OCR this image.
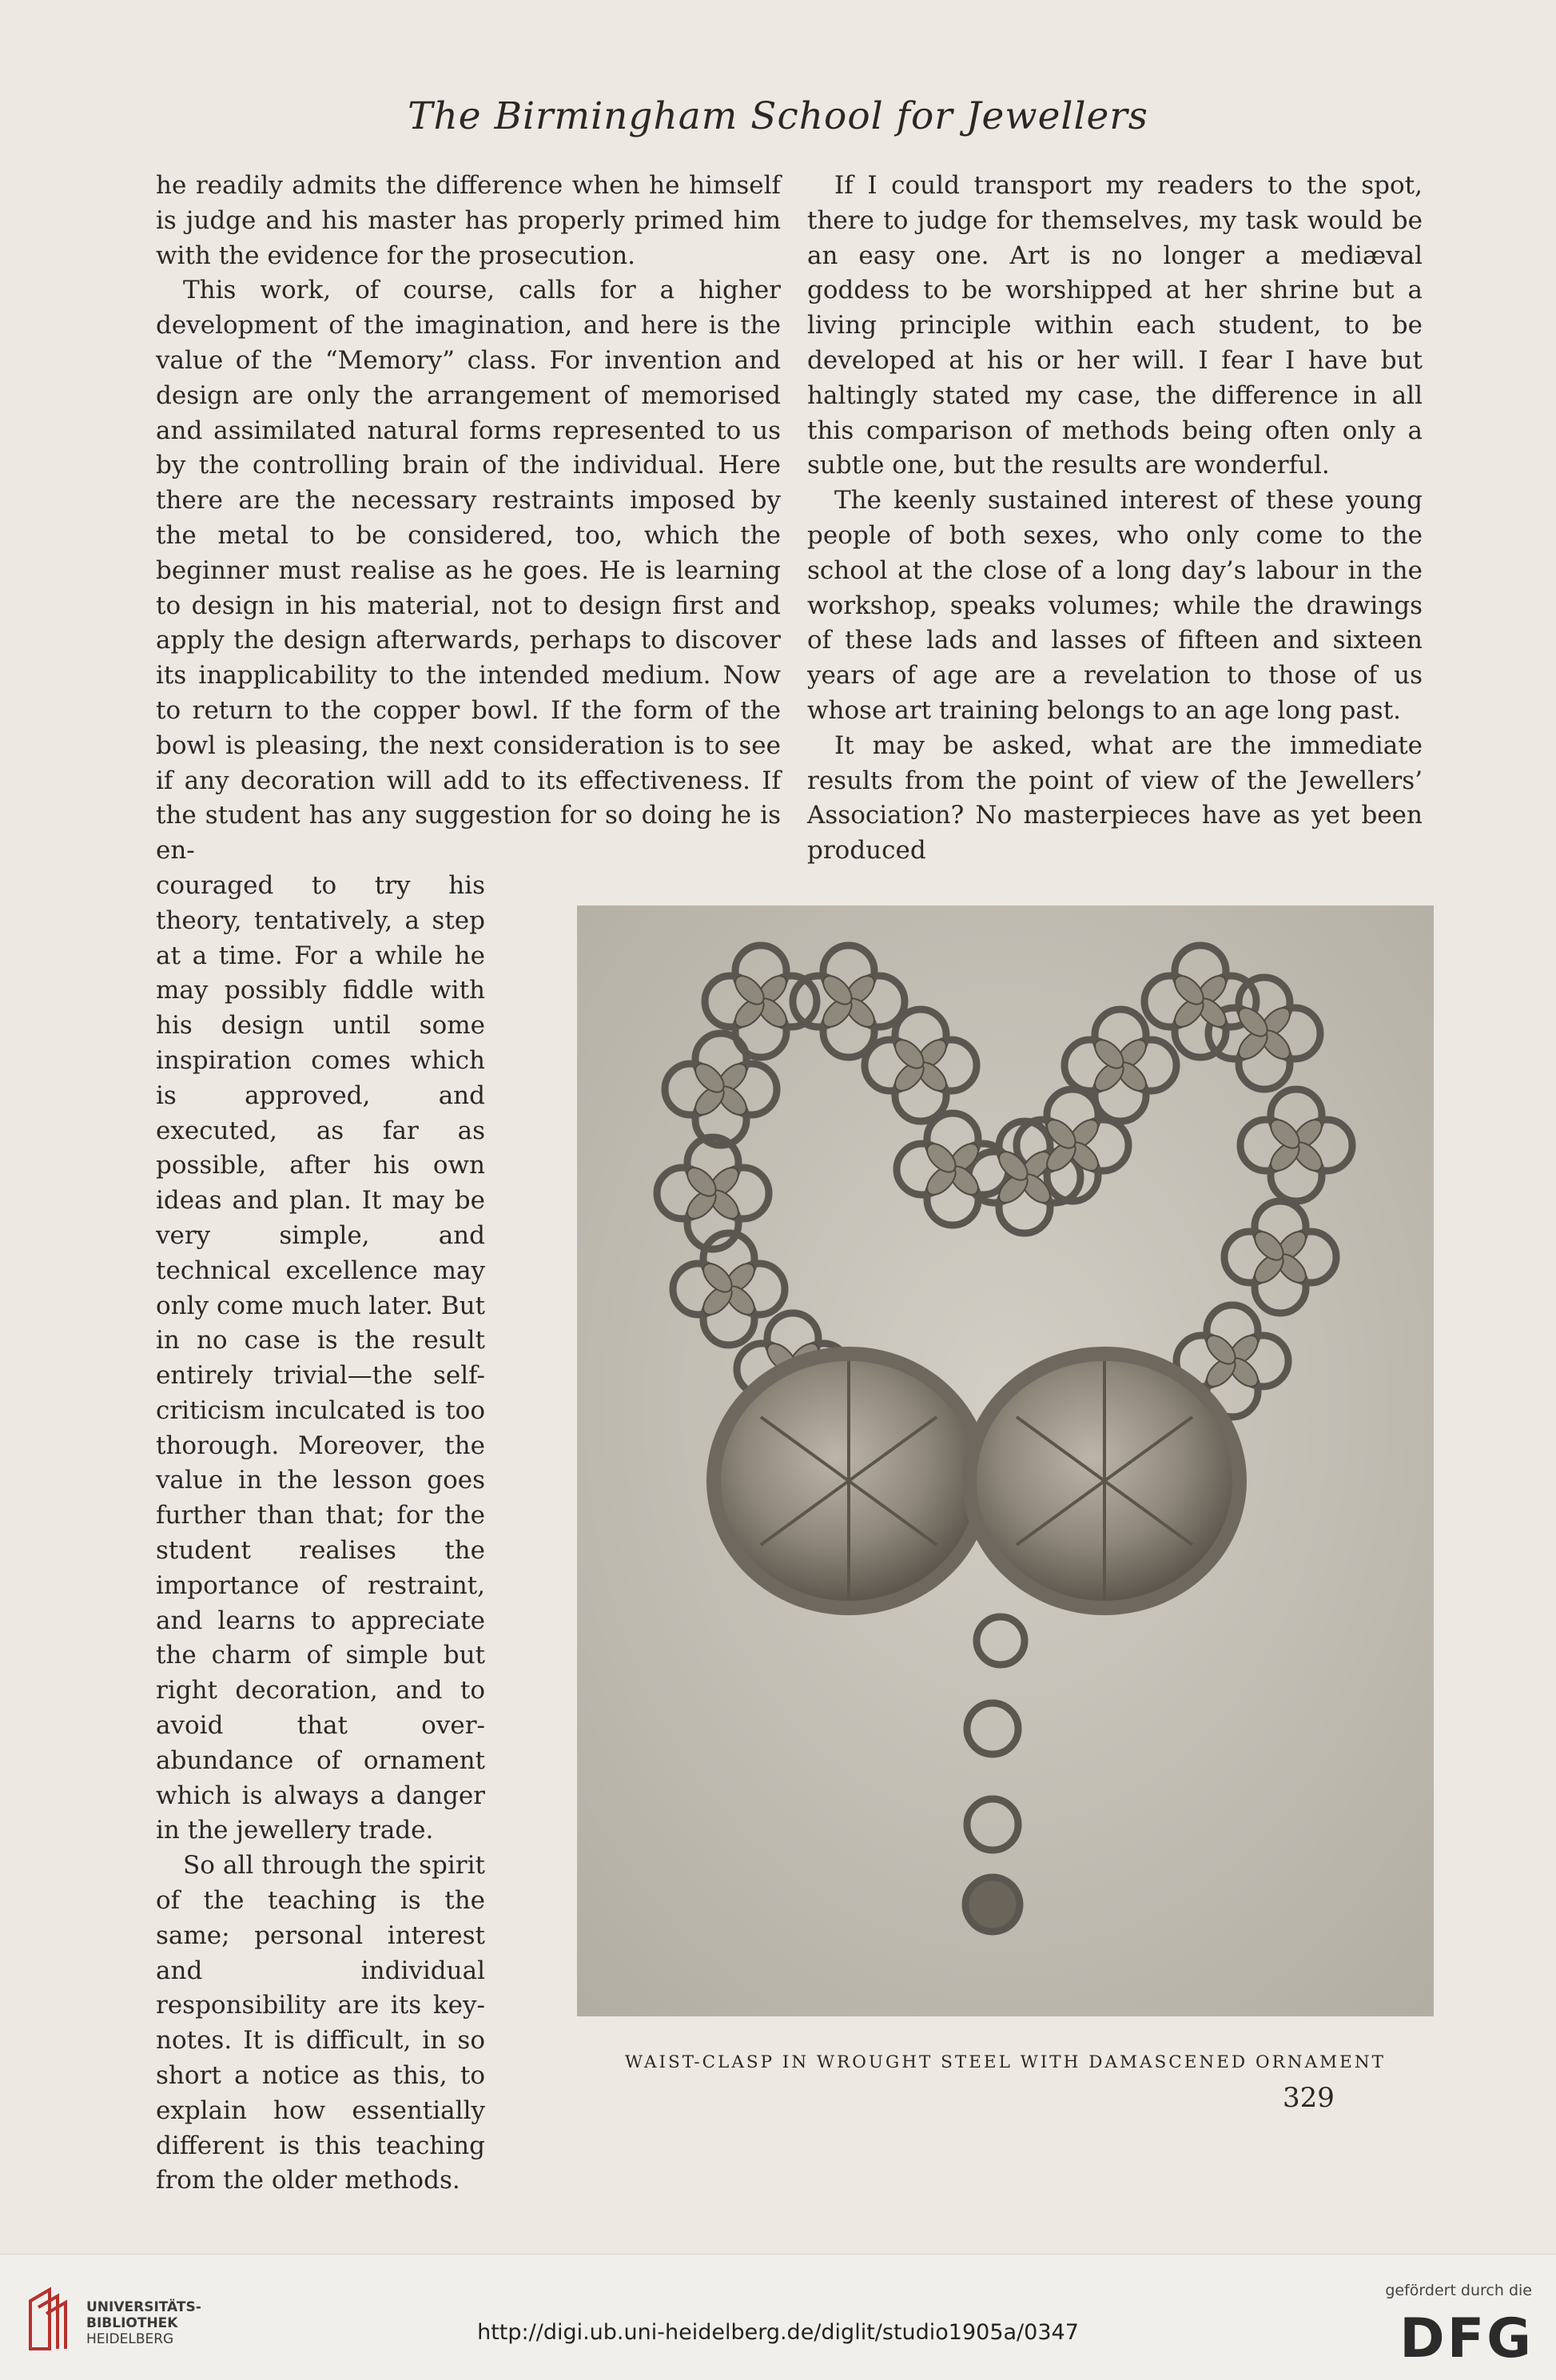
The Birmingham School for Jewellers

he readily admits the difference when he himself is judge and his master has properly primed him with the evidence for the prosecution.

This work, of course, calls for a higher development of the imagination, and here is the value of the “Memory” class. For invention and design are only the arrangement of memorised and assimilated natural forms represented to us by the controlling brain of the individual. Here there are the necessary restraints imposed by the metal to be considered, too, which the beginner must realise as he goes. He is learning to design in his material, not to design first and apply the design afterwards, perhaps to discover its inapplicability to the intended medium. Now to return to the copper bowl. If the form of the bowl is pleasing, the next consideration is to see if any decoration will add to its effectiveness. If the student has any suggestion for so doing he is en-

couraged to try his theory, tentatively, a step at a time. For a while he may possibly fiddle with his design until some inspiration comes which is approved, and executed, as far as possible, after his own ideas and plan. It may be very simple, and technical excellence may only come much later. But in no case is the result entirely trivial—the self-criticism inculcated is too thorough. Moreover, the value in the lesson goes further than that; for the student realises the importance of restraint, and learns to appreciate the charm of simple but right decoration, and to avoid that over-abundance of ornament which is always a danger in the jewellery trade.

So all through the spirit of the teaching is the same; personal interest and individual responsibility are its key-notes. It is difficult, in so short a notice as this, to explain how essentially different is this teaching from the older methods.

If I could transport my readers to the spot, there to judge for themselves, my task would be an easy one. Art is no longer a mediæval goddess to be worshipped at her shrine but a living principle within each student, to be developed at his or her will. I fear I have but haltingly stated my case, the difference in all this comparison of methods being often only a subtle one, but the results are wonderful.

The keenly sustained interest of these young people of both sexes, who only come to the school at the close of a long day’s labour in the workshop, speaks volumes; while the drawings of these lads and lasses of fifteen and sixteen years of age are a revelation to those of us whose art training belongs to an age long past.

It may be asked, what are the immediate results from the point of view of the Jewellers’ Association? No masterpieces have as yet been produced

WAIST-CLASP IN WROUGHT STEEL WITH DAMASCENED ORNAMENT
329
UNIVERSITÄTS-
BIBLIOTHEK
HEIDELBERG	http://digi.ub.uni-heidelberg.de/diglit/studio1905a/0347
gefördert durch die
DFG
